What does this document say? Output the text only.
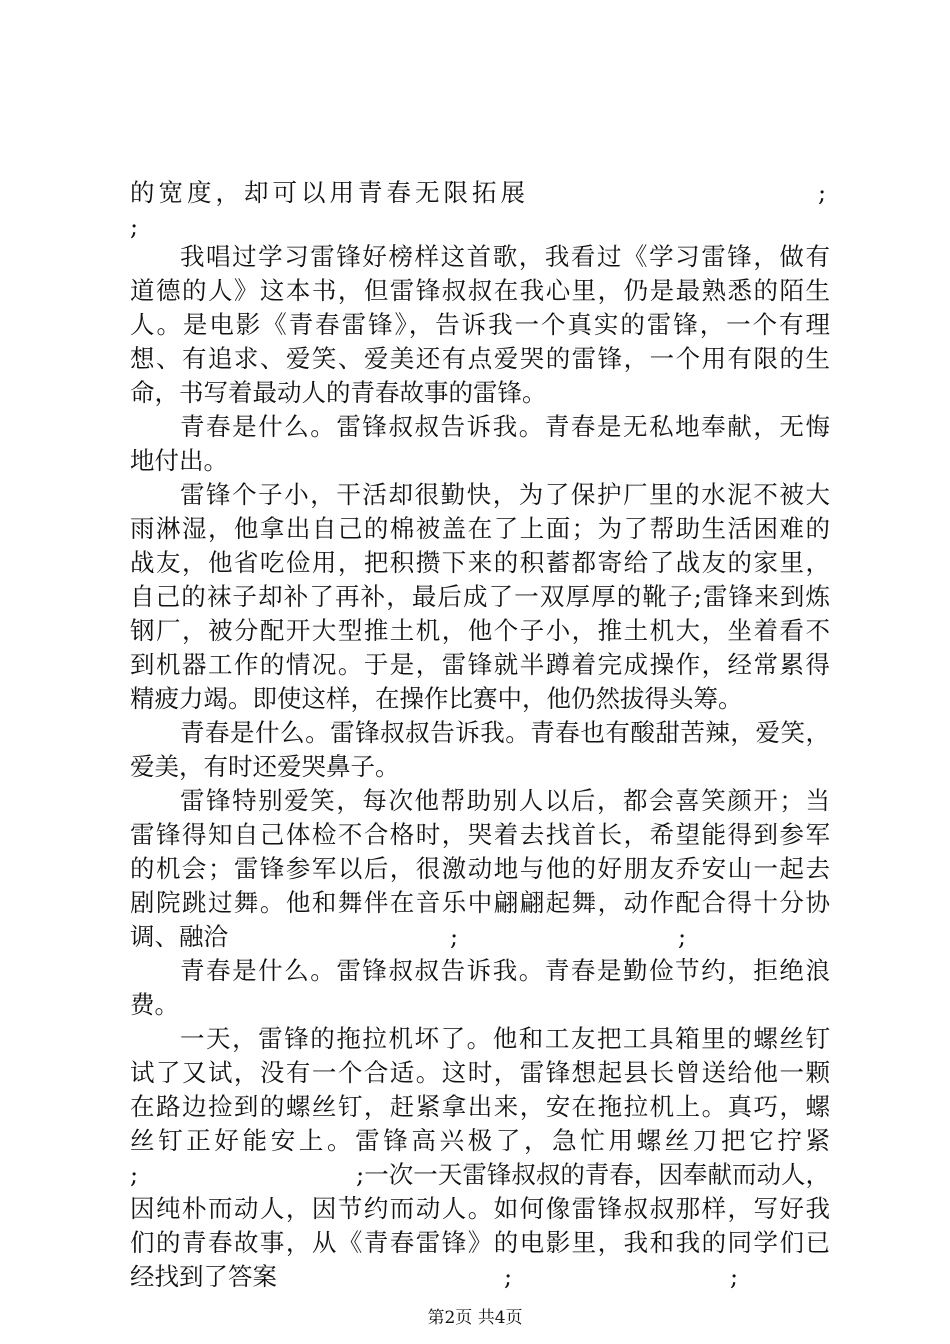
的宽度，却可以用青春无限拓展	;
;
我唱过学习雷锋好榜样这首歌，我看过《学习雷锋，做有
道德的人》这本书，但雷锋叔叔在我心里，仍是最熟悉的陌生
人。是电影《青春雷锋》，告诉我一个真实的雷锋，一个有理
想、有追求、爱笑、爱美还有点爱哭的雷锋，一个用有限的生
命，书写着最动人的青春故事的雷锋。
青春是什么。雷锋叔叔告诉我。青春是无私地奉献，无悔
地付出。
雷锋个子小，干活却很勤快，为了保护厂里的水泥不被大
雨淋湿，他拿出自己的棉被盖在了上面；为了帮助生活困难的
战友，他省吃俭用，把积攒下来的积蓄都寄给了战友的家里，
自己的袜子却补了再补，最后成了一双厚厚的靴子;雷锋来到炼
钢厂，被分配开大型推土机，他个子小，推土机大，坐着看不
到机器工作的情况。于是，雷锋就半蹲着完成操作，经常累得
精疲力竭。即使这样，在操作比赛中，他仍然拔得头筹。
青春是什么。雷锋叔叔告诉我。青春也有酸甜苦辣，爱笑，
爱美，有时还爱哭鼻子。
雷锋特别爱笑，每次他帮助别人以后，都会喜笑颜开；当
雷锋得知自己体检不合格时，哭着去找首长，希望能得到参军
的机会；雷锋参军以后，很激动地与他的好朋友乔安山一起去
剧院跳过舞。他和舞伴在音乐中翩翩起舞，动作配合得十分协
调、融洽	;	;
青春是什么。雷锋叔叔告诉我。青春是勤俭节约，拒绝浪
费。
一天，雷锋的拖拉机坏了。他和工友把工具箱里的螺丝钉
试了又试，没有一个合适。这时，雷锋想起县长曾送给他一颗
在路边捡到的螺丝钉，赶紧拿出来，安在拖拉机上。真巧，螺
丝钉正好能安上。雷锋高兴极了，急忙用螺丝刀把它拧紧
;	;一次一天雷锋叔叔的青春，因奉献而动人，
因纯朴而动人，因节约而动人。如何像雷锋叔叔那样，写好我
们的青春故事，从《青春雷锋》的电影里，我和我的同学们已
经找到了答案	;	;
第2页 共4页
